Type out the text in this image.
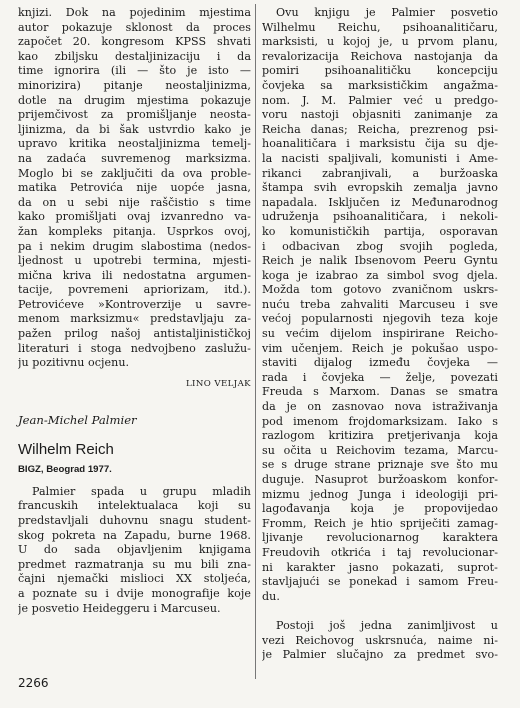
knjizi. Dok na pojedinim mjestima
autor pokazuje sklonost da proces
započet 20. kongresom KPSS shvati
kao zbiljsku destaljinizaciju i da
time ignorira (ili — što je isto —
minorizira) pitanje neostaljinizma,
dotle na drugim mjestima pokazuje
prijemčivost za promišljanje neosta-
ljinizma, da bi šak ustvrdio kako je
upravo kritika neostaljinizma temelj-
na zadaća suvremenog marksizma.
Moglo bi se zaključiti da ova proble-
matika Petrovića nije uopće jasna,
da on u sebi nije raščistio s time
kako promišljati ovaj izvanredno va-
žan kompleks pitanja. Usprkos ovoj,
pa i nekim drugim slabostima (nedos-
ljednost u upotrebi termina, mjesti-
mična kriva ili nedostatna argumen-
tacije, povremeni apriorizam, itd.).
Petrovićeve »Kontroverzije u savre-
menom marksizmu« predstavljaju za-
pažen prilog našoj antistaljinističkoj
literaturi i stoga nedvojbeno zaslužu-
ju pozitivnu ocjenu.
LINO VELJAK
Jean-Michel Palmier
Wilhelm Reich
BIGZ, Beograd 1977.
Palmier spada u grupu mladih
francuskih intelektualaca koji su
predstavljali duhovnu snagu student-
skog pokreta na Zapadu, burne 1968.
U do sada objavljenim knjigama
predmet razmatranja su mu bili zna-
čajni njemački mislioci XX stoljeća,
a poznate su i dvije monografije koje
je posvetio Heideggeru i Marcuseu.
Ovu knjigu je Palmier posvetio
Wilhelmu Reichu, psihoanalitičaru,
marksisti, u kojoj je, u prvom planu,
revalorizacija Reichova nastojanja da
pomiri psihoanalitičku koncepciju
čovjeka sa marksističkim angažma-
nom. J. M. Palmier već u predgo-
voru nastoji objasniti zanimanje za
Reicha danas; Reicha, prezrenog psi-
hoanalitičara i marksistu čija su dje-
la nacisti spaljivali, komunisti i Ame-
rikanci zabranjivali, a buržoaska
štampa svih evropskih zemalja javno
napadala. Isključen iz Međunarodnog
udruženja psihoanalitičara, i nekoli-
ko komunističkih partija, osporavan
i odbacivan zbog svojih pogleda,
Reich je nalik Ibsenovom Peeru Gyntu
koga je izabrao za simbol svog djela.
Možda tom gotovo zvaničnom uskrs-
nuću treba zahvaliti Marcuseu i sve
većoj popularnosti njegovih teza koje
su većim dijelom inspirirane Reicho-
vim učenjem. Reich je pokušao uspo-
staviti dijalog između čovjeka —
rada i čovjeka — želje, povezati
Freuda s Marxom. Danas se smatra
da je on zasnovao nova istraživanja
pod imenom frojdomarksizam. Iako s
razlogom kritizira pretjerivanja koja
su očita u Reichovim tezama, Marcu-
se s druge strane priznaje sve što mu
duguje. Nasuprot buržoaskom konfor-
mizmu jednog Junga i ideologiji pri-
lagođavanja koja je propovijedao
Fromm, Reich je htio spriječiti zamag-
ljivanje revolucionarnog karaktera
Freudovih otkrića i taj revolucionar-
ni karakter jasno pokazati, suprot-
stavljajući se ponekad i samom Freu-
du.
Postoji još jedna zanimljivost u
vezi Reichovog uskrsnuća, naime ni-
je Palmier slučajno za predmet svo-
2266
